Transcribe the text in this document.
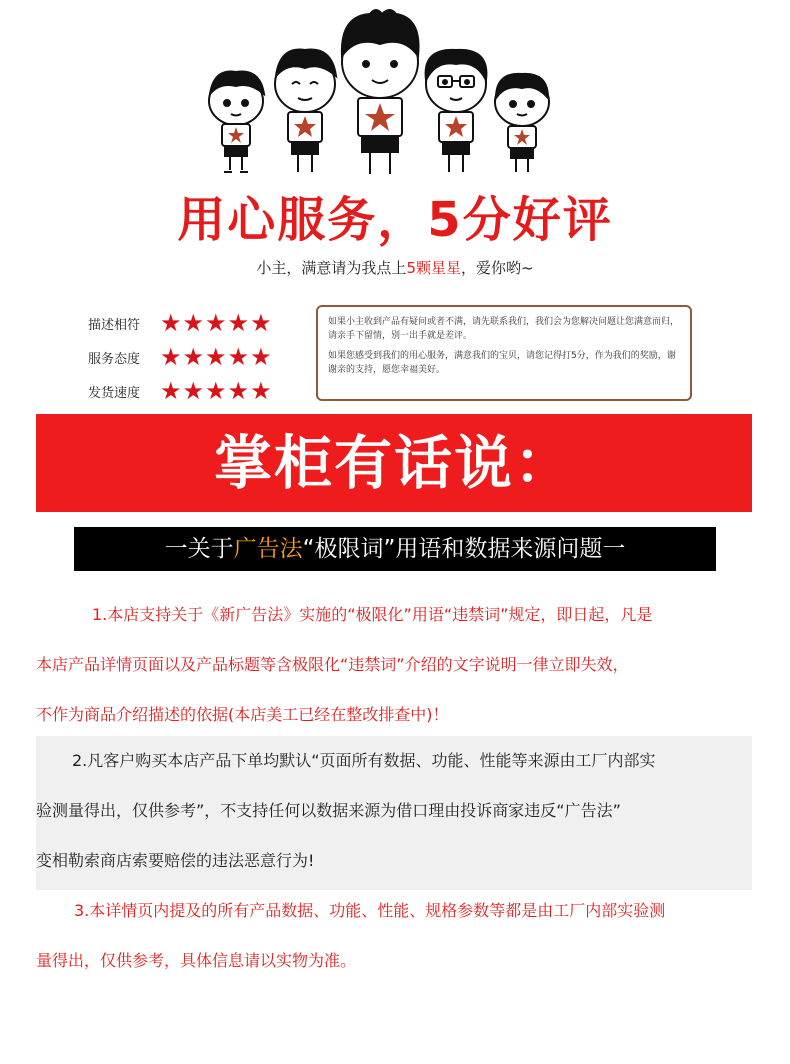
用心服务，5分好评
小主，满意请为我点上5颗星星，爱你哟~
描述相符 ★★★★★
服务态度 ★★★★★
发货速度 ★★★★★

如果小主收到产品有疑问或者不满，请先联系我们，我们会为您解决问题让您满意而归，请亲手下留情，别一出手就是差评。

如果您感受到我们的用心服务，满意我们的宝贝，请您记得打5分，作为我们的奖励，谢谢亲的支持，愿您幸福美好。

掌柜有话说：
一关于广告法“极限词”用语和数据来源问题一
1.本店支持关于《新广告法》实施的“极限化”用语“违禁词”规定，即日起，凡是
本店产品详情页面以及产品标题等含极限化“违禁词”介绍的文字说明一律立即失效，
不作为商品介绍描述的依据(本店美工已经在整改排查中)！
2.凡客户购买本店产品下单均默认“页面所有数据、功能、性能等来源由工厂内部实
验测量得出，仅供参考”，不支持任何以数据来源为借口理由投诉商家违反“广告法”
变相勒索商店索要赔偿的违法恶意行为!
3.本详情页内提及的所有产品数据、功能、性能、规格参数等都是由工厂内部实验测
量得出，仅供参考，具体信息请以实物为准。
